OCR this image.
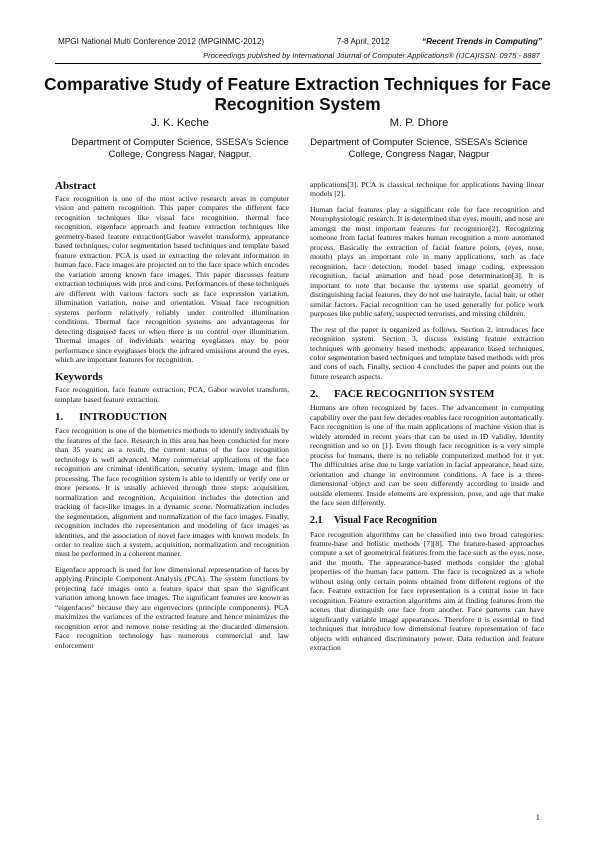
MPGI National Multi Conference 2012 (MPGINMC-2012)	7-8 April, 2012	“Recent Trends in Computing”
Proceedings published by International Journal of Computer Applications® (IJCA)ISSN: 0975 - 8887
Comparative Study of Feature Extraction Techniques for Face Recognition System
J. K. Keche
Department of Computer Science, SSESA’s Science College, Congress Nagar, Nagpur.
M. P. Dhore
Department of Computer Science, SSESA’s Science College, Congress Nagar, Nagpur
Abstract

Face recognition is one of the most active research areas in computer vision and pattern recognition. This paper compares the different face recognition techniques like visual face recognition, thermal face recognition, eigenface approach and feature extraction techniques like geometry-based feature extraction(Gabor wavelet transform), appearance based techniques, color segmentation based techniques and template based feature extraction. PCA is used in extracting the relevant information in human face. Face images are projected on to the face space which encodes the variation among known face images. This paper discusses feature extraction techniques with pros and cons. Performances of these techniques are different with various factors such as face expression variation, illumination variation, noise and orientation. Visual face recognition systems perform relatively reliably under controlled illumination conditions. Thermal face recognition systems are advantageous for detecting disguised faces or when there is no control over illumination. Thermal images of individuals wearing eyeglasses may be poor performance since eyeglasses block the infrared emissions around the eyes, which are important features for recognition.

Keywords

Face recognition, face feature extraction, PCA, Gabor wavelet transform, template based feature extraction.

1. INTRODUCTION

Face recognition is one of the biometrics methods to identify individuals by the features of the face. Research in this area has been conducted for more than 35 years; as a result, the current status of the face recognition technology is well advanced. Many commercial applications of the face recognition are criminal identification, security system, image and film processing. The face recognition system is able to identify or verify one or more persons. It is usually achieved through three steps: acquisition, normalization and recognition. Acquisition includes the detection and tracking of face-like images in a dynamic scene. Normalization includes the segmentation, alignment and normalization of the face images. Finally, recognition includes the representation and modeling of face images as identities, and the association of novel face images with known models. In order to realize such a system, acquisition, normalization and recognition must be performed in a coherent manner.

Eigenface approach is used for low dimensional representation of faces by applying Principle Component Analysis (PCA). The system functions by projecting face images onto a feature space that span the significant variation among known face images. The significant features are known as “eigenfaces” because they are eigenvectors (principle components). PCA maximizes the variances of the extracted feature and hence minimizes the recognition error and remove noise residing at the discarded dimension. Face recognition technology has numerous commercial and law enforcement

applications[3]. PCA is classical technique for applications having linear models [2].

Human facial features play a significant role for face recognition and Neurophysiologic research. It is determined that eyes, mouth, and nose are amongst the most important features for recognition[2]. Recognizing someone from facial features makes human recognition a more automated process. Basically the extraction of facial feature points, (eyes, nose, mouth) plays an important role in many applications, such as face recognition, face detection, model based image coding, expression recognition, facial animation and head pose determination[3]. It is important to note that because the systems use spatial geometry of distinguishing facial features, they do not use hairstyle, facial hair, or other similar factors. Facial recognition can be used generally for police work purposes like public safety, suspected terrorists, and missing children.

The rest of the paper is organized as follows. Section 2, introduces face recognition system. Section 3, discuss existing feature extraction techniques with geometry based methods, appearance based techniques, color segmentation based techniques and template based methods with pros and cons of each. Finally, section 4 concludes the paper and points out the future research aspects.

2. FACE RECOGNITION SYSTEM

Humans are often recognized by faces. The advancement in computing capability over the past few decades enables face recognition automatically. Face recognition is one of the main applications of machine vision that is widely attended in recent years that can be used in ID validity, Identity recognition and so on [1]. Even though face recognition is a very simple process for humans, there is no reliable computerized method for it yet. The difficulties arise due to large variation in facial appearance, head size, orientation and change in environment conditions. A face is a three-dimensional object and can be seen differently according to inside and outside elements. Inside elements are expression, pose, and age that make the face seen differently.

2.1 Visual Face Recognition

Face recognition algorithms can be classified into two broad categories: feature-base and holistic methods [7][8]. The feature-based approaches compute a set of geometrical features from the face such as the eyes, nose, and the mouth. The appearance-based methods consider the global properties of the human face pattern. The face is recognized as a whole without using only certain points obtained from different regions of the face. Feature extraction for face representation is a central issue in face recognition. Feature extraction algorithms aim at finding features from the scenes that distinguish one face from another. Face patterns can have significantly variable image appearances. Therefore it is essential to find techniques that introduce low dimensional feature representation of face objects with enhanced discriminatory power. Data reduction and feature extraction

1
